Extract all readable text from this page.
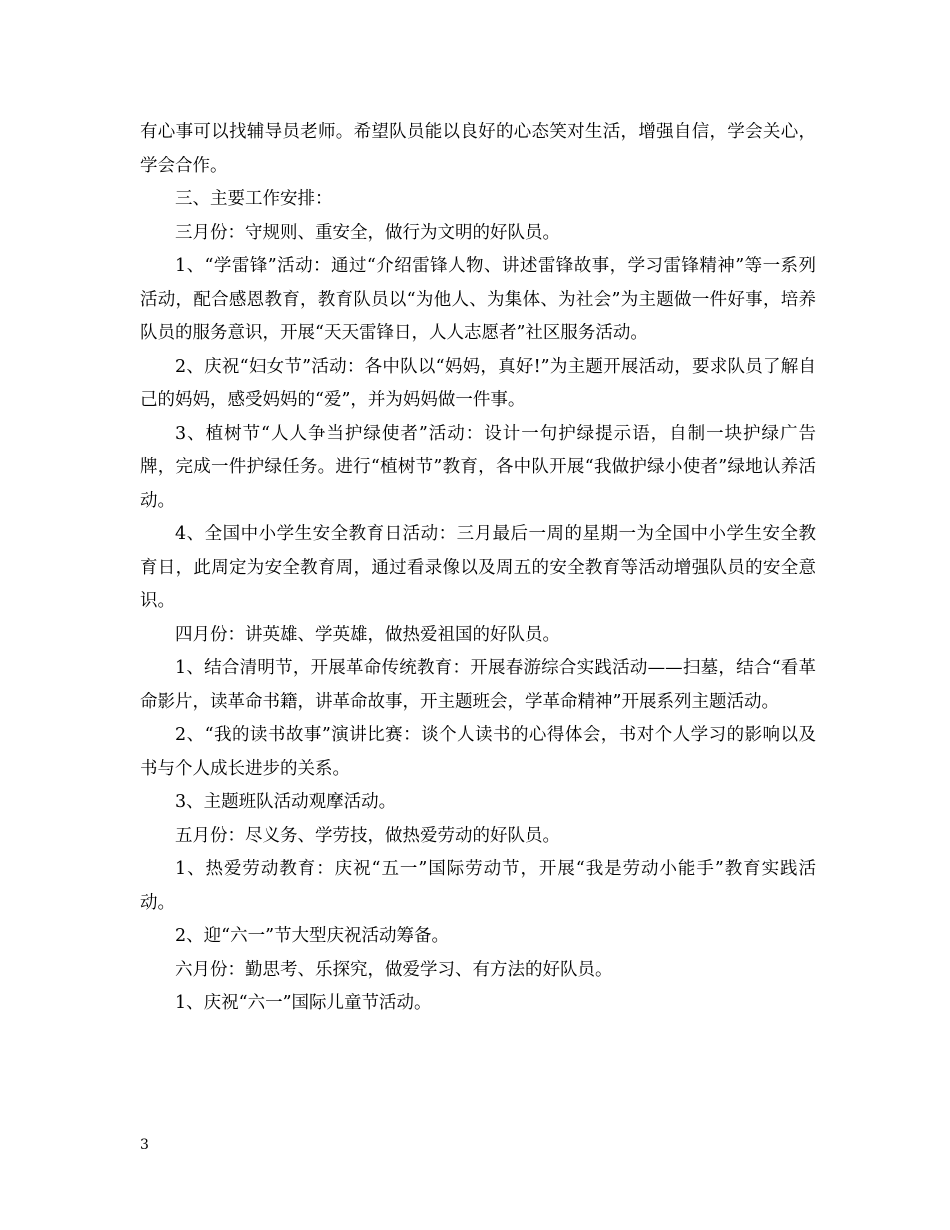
有心事可以找辅导员老师。希望队员能以良好的心态笑对生活，增强自信，学会关心，学会合作。

三、主要工作安排：

三月份：守规则、重安全，做行为文明的好队员。

1、“学雷锋”活动：通过“介绍雷锋人物、讲述雷锋故事，学习雷锋精神”等一系列活动，配合感恩教育，教育队员以“为他人、为集体、为社会”为主题做一件好事，培养队员的服务意识，开展“天天雷锋日，人人志愿者”社区服务活动。

2、庆祝“妇女节”活动：各中队以“妈妈，真好!”为主题开展活动，要求队员了解自己的妈妈，感受妈妈的“爱”，并为妈妈做一件事。

3、植树节“人人争当护绿使者”活动：设计一句护绿提示语，自制一块护绿广告牌，完成一件护绿任务。进行“植树节”教育，各中队开展“我做护绿小使者”绿地认养活动。

4、全国中小学生安全教育日活动：三月最后一周的星期一为全国中小学生安全教育日，此周定为安全教育周，通过看录像以及周五的安全教育等活动增强队员的安全意识。

四月份：讲英雄、学英雄，做热爱祖国的好队员。

1、结合清明节，开展革命传统教育：开展春游综合实践活动——扫墓，结合“看革命影片，读革命书籍，讲革命故事，开主题班会，学革命精神”开展系列主题活动。

2、“我的读书故事”演讲比赛：谈个人读书的心得体会，书对个人学习的影响以及书与个人成长进步的关系。

3、主题班队活动观摩活动。

五月份：尽义务、学劳技，做热爱劳动的好队员。

1、热爱劳动教育：庆祝“五一”国际劳动节，开展“我是劳动小能手”教育实践活动。

2、迎“六一”节大型庆祝活动筹备。

六月份：勤思考、乐探究，做爱学习、有方法的好队员。

1、庆祝“六一”国际儿童节活动。

3
